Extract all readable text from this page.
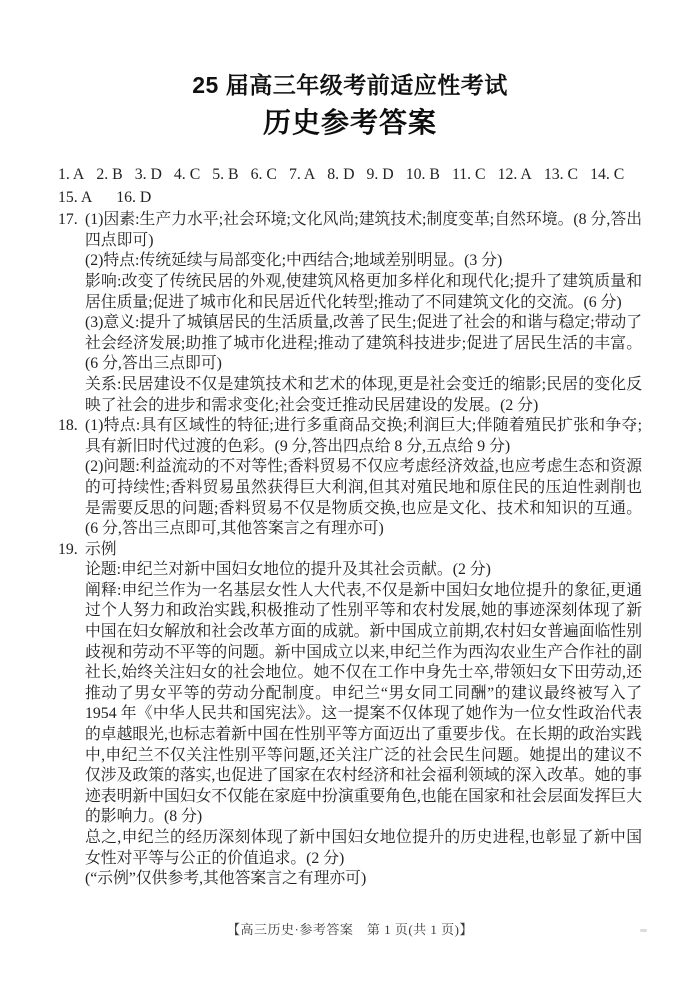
25 届高三年级考前适应性考试
历史参考答案
1. A 2. B 3. D 4. C 5. B 6. C 7. A 8. D 9. D 10. B 11. C 12. A 13. C 14. C
15. A 16. D
17. (1)因素:生产力水平;社会环境;文化风尚;建筑技术;制度变革;自然环境。(8 分,答出四点即可)

(2)特点:传统延续与局部变化;中西结合;地域差别明显。(3 分)

影响:改变了传统民居的外观,使建筑风格更加多样化和现代化;提升了建筑质量和居住质量;促进了城市化和民居近代化转型;推动了不同建筑文化的交流。(6 分)

(3)意义:提升了城镇居民的生活质量,改善了民生;促进了社会的和谐与稳定;带动了社会经济发展;助推了城市化进程;推动了建筑科技进步;促进了居民生活的丰富。(6 分,答出三点即可)

关系:民居建设不仅是建筑技术和艺术的体现,更是社会变迁的缩影;民居的变化反映了社会的进步和需求变化;社会变迁推动民居建设的发展。(2 分)

18. (1)特点:具有区域性的特征;进行多重商品交换;利润巨大;伴随着殖民扩张和争夺;具有新旧时代过渡的色彩。(9 分,答出四点给 8 分,五点给 9 分)

(2)问题:利益流动的不对等性;香料贸易不仅应考虑经济效益,也应考虑生态和资源的可持续性;香料贸易虽然获得巨大利润,但其对殖民地和原住民的压迫性剥削也是需要反思的问题;香料贸易不仅是物质交换,也应是文化、技术和知识的互通。(6 分,答出三点即可,其他答案言之有理亦可)

19. 示例

论题:申纪兰对新中国妇女地位的提升及其社会贡献。(2 分)

阐释:申纪兰作为一名基层女性人大代表,不仅是新中国妇女地位提升的象征,更通过个人努力和政治实践,积极推动了性别平等和农村发展,她的事迹深刻体现了新中国在妇女解放和社会改革方面的成就。新中国成立前期,农村妇女普遍面临性别歧视和劳动不平等的问题。新中国成立以来,申纪兰作为西沟农业生产合作社的副社长,始终关注妇女的社会地位。她不仅在工作中身先士卒,带领妇女下田劳动,还推动了男女平等的劳动分配制度。申纪兰“男女同工同酬”的建议最终被写入了 1954 年《中华人民共和国宪法》。这一提案不仅体现了她作为一位女性政治代表的卓越眼光,也标志着新中国在性别平等方面迈出了重要步伐。在长期的政治实践中,申纪兰不仅关注性别平等问题,还关注广泛的社会民生问题。她提出的建议不仅涉及政策的落实,也促进了国家在农村经济和社会福利领域的深入改革。她的事迹表明新中国妇女不仅能在家庭中扮演重要角色,也能在国家和社会层面发挥巨大的影响力。(8 分)

总之,申纪兰的经历深刻体现了新中国妇女地位提升的历史进程,也彰显了新中国女性对平等与公正的价值追求。(2 分)

(“示例”仅供参考,其他答案言之有理亦可)

【高三历史·参考答案　第 1 页(共 1 页)】
